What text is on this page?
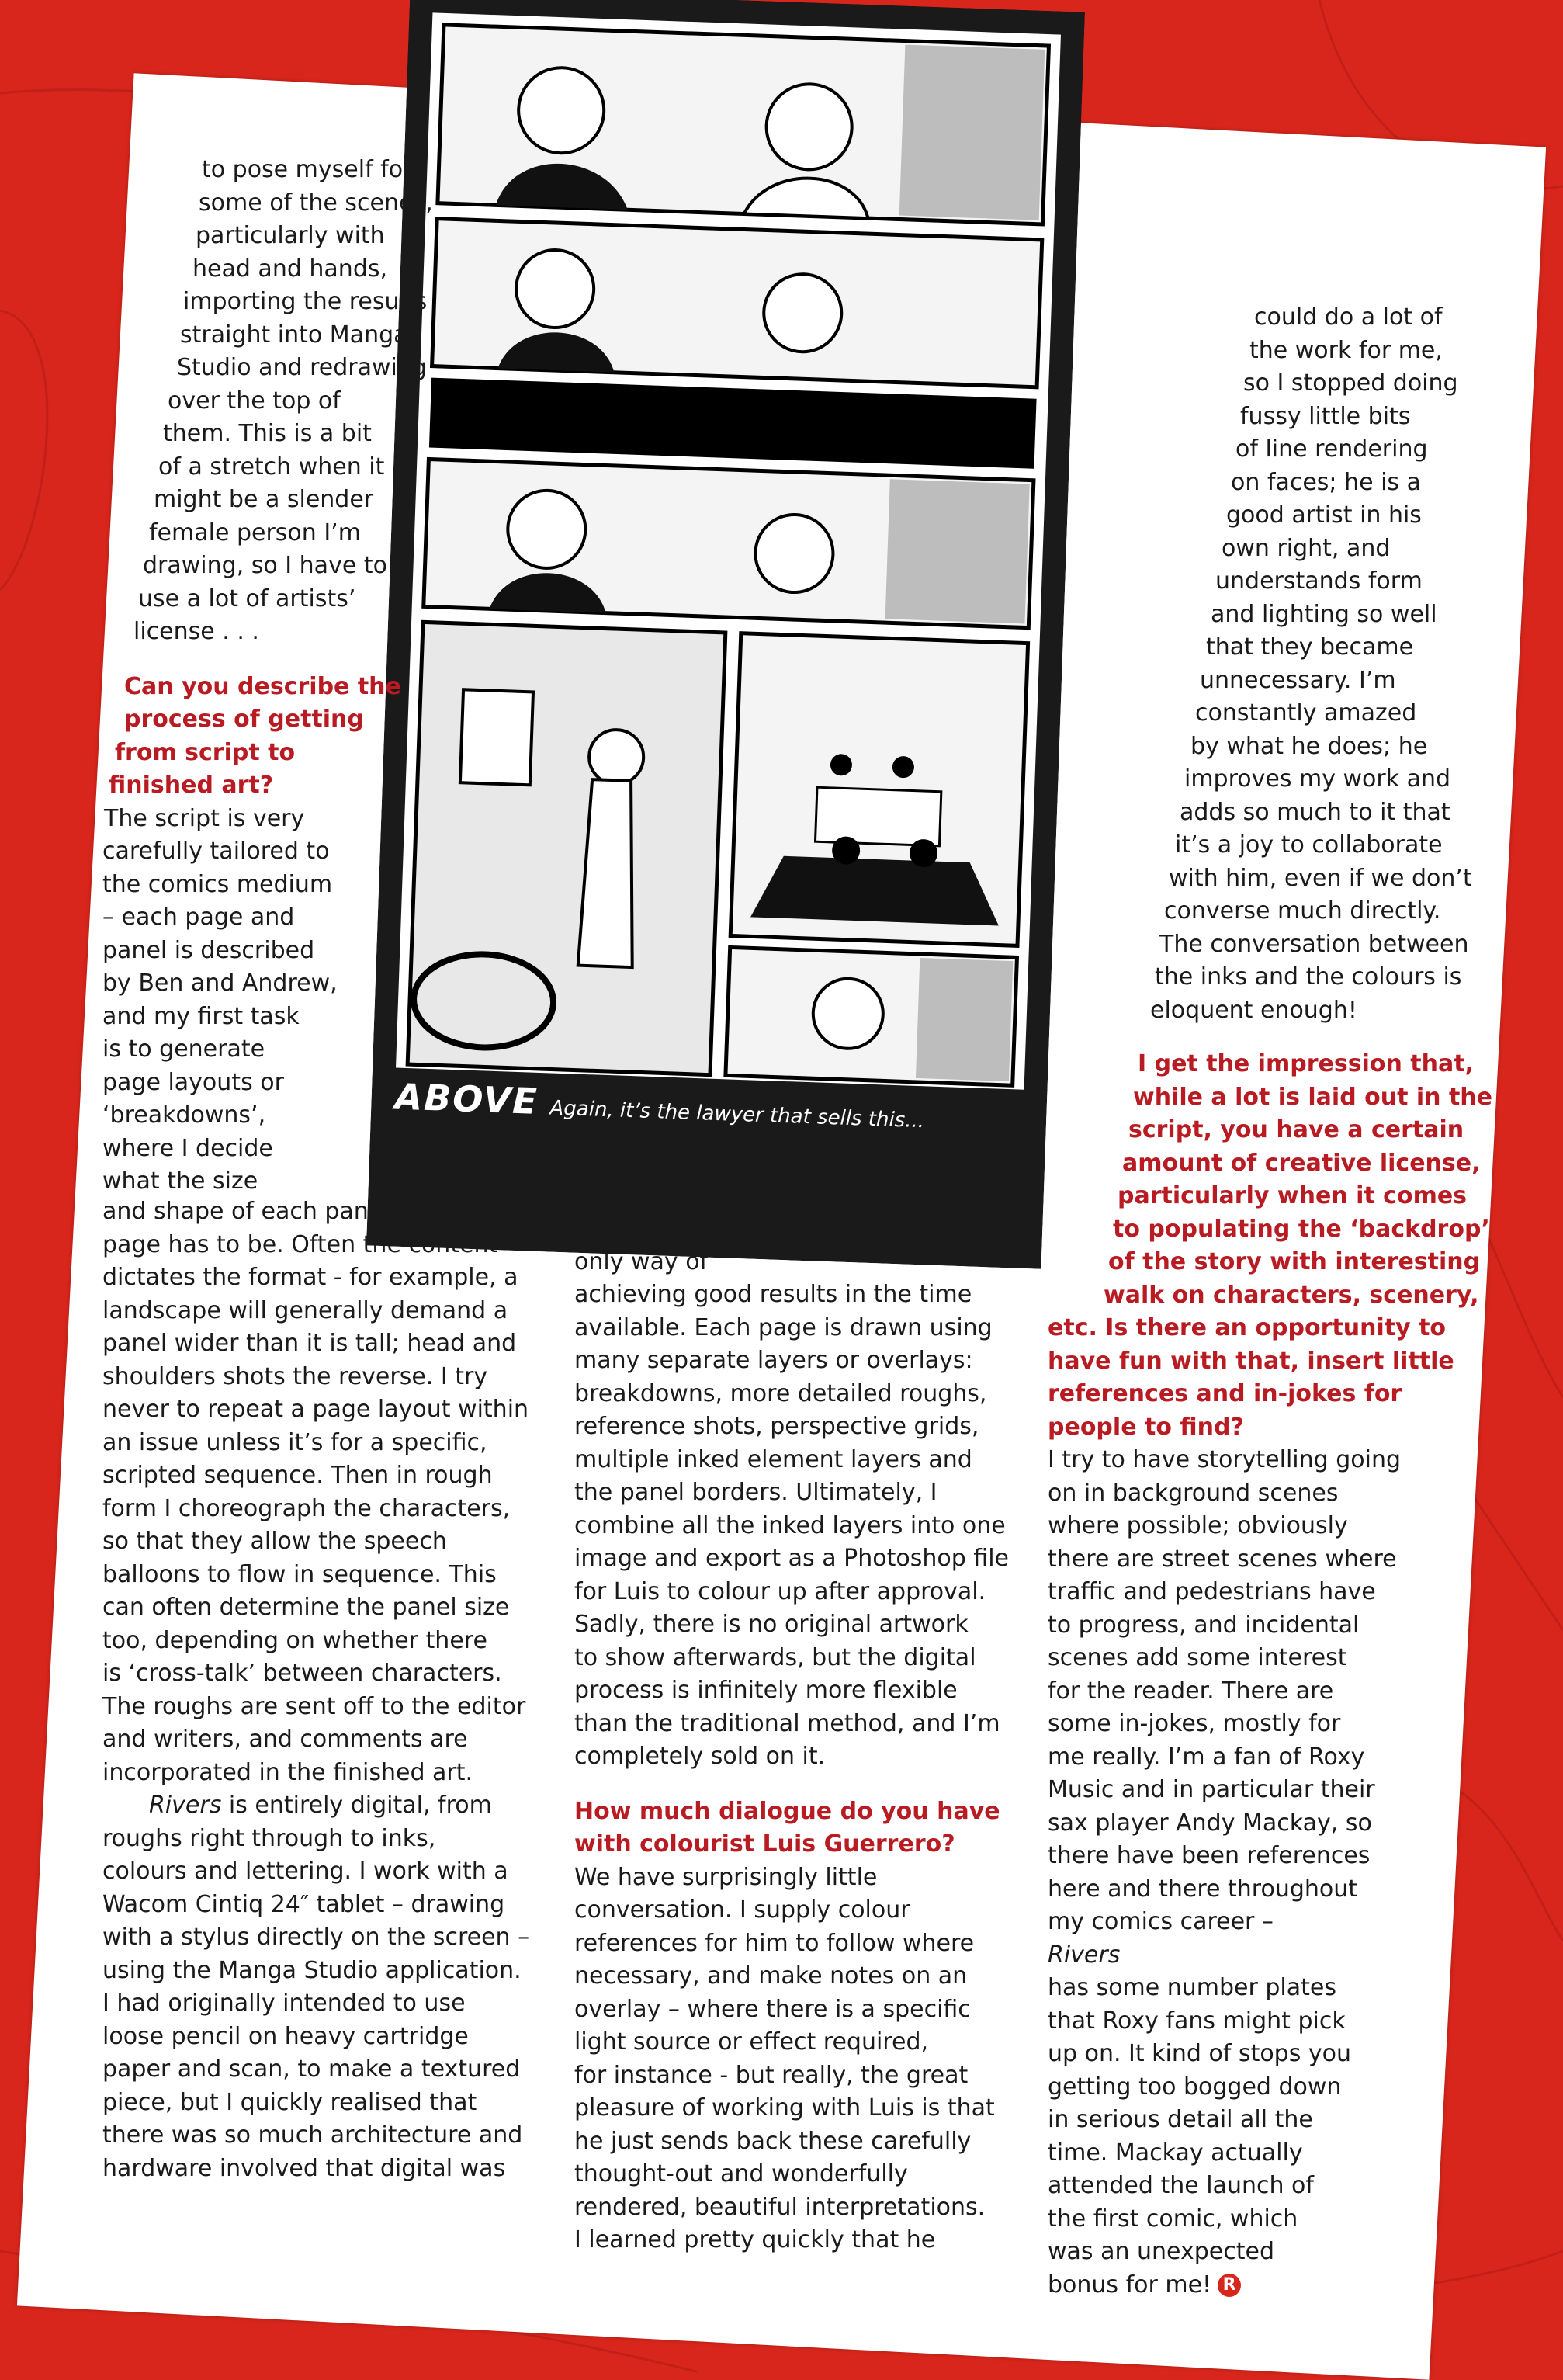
ABOVE Again, it’s the lawyer that sells this...

to pose myself for

some of the scenes,

particularly with

head and hands,

importing the results

straight into Manga

Studio and redrawing

over the top of

them. This is a bit

of a stretch when it

might be a slender

female person I’m

drawing, so I have to

use a lot of artists’

license . . .

Can you describe the

process of getting

from script to

finished art?

The script is very

carefully tailored to

the comics medium

– each page and

panel is described

by Ben and Andrew,

and my first task

is to generate

page layouts or

‘breakdowns’,

where I decide

what the size

and shape of each panel and

page has to be. Often the content

dictates the format - for example, a

landscape will generally demand a

panel wider than it is tall; head and

shoulders shots the reverse. I try

never to repeat a page layout within

an issue unless it’s for a specific,

scripted sequence. Then in rough

form I choreograph the characters,

so that they allow the speech

balloons to flow in sequence. This

can often determine the panel size

too, depending on whether there

is ‘cross-talk’ between characters.

The roughs are sent off to the editor

and writers, and comments are

incorporated in the finished art.

Rivers is entirely digital, from

roughs right through to inks,

colours and lettering. I work with a

Wacom Cintiq 24″ tablet – drawing

with a stylus directly on the screen –

using the Manga Studio application.

I had originally intended to use

loose pencil on heavy cartridge

paper and scan, to make a textured

piece, but I quickly realised that

there was so much architecture and

hardware involved that digital was

the

only way of

achieving good results in the time

available. Each page is drawn using

many separate layers or overlays:

breakdowns, more detailed roughs,

reference shots, perspective grids,

multiple inked element layers and

the panel borders. Ultimately, I

combine all the inked layers into one

image and export as a Photoshop file

for Luis to colour up after approval.

Sadly, there is no original artwork

to show afterwards, but the digital

process is infinitely more flexible

than the traditional method, and I’m

completely sold on it.

How much dialogue do you have

with colourist Luis Guerrero?

We have surprisingly little

conversation. I supply colour

references for him to follow where

necessary, and make notes on an

overlay – where there is a specific

light source or effect required,

for instance - but really, the great

pleasure of working with Luis is that

he just sends back these carefully

thought-out and wonderfully

rendered, beautiful interpretations.

I learned pretty quickly that he

could do a lot of

the work for me,

so I stopped doing

fussy little bits

of line rendering

on faces; he is a

good artist in his

own right, and

understands form

and lighting so well

that they became

unnecessary. I’m

constantly amazed

by what he does; he

improves my work and

adds so much to it that

it’s a joy to collaborate

with him, even if we don’t

converse much directly.

The conversation between

the inks and the colours is

eloquent enough!

I get the impression that,

while a lot is laid out in the

script, you have a certain

amount of creative license,

particularly when it comes

to populating the ‘backdrop’

of the story with interesting

walk on characters, scenery,

etc. Is there an opportunity to

have fun with that, insert little

references and in-jokes for

people to find?

I try to have storytelling going

on in background scenes

where possible; obviously

there are street scenes where

traffic and pedestrians have

to progress, and incidental

scenes add some interest

for the reader. There are

some in-jokes, mostly for

me really. I’m a fan of Roxy

Music and in particular their

sax player Andy Mackay, so

there have been references

here and there throughout

my comics career –

Rivers

has some number plates

that Roxy fans might pick

up on. It kind of stops you

getting too bogged down

in serious detail all the

time. Mackay actually

attended the launch of

the first comic, which

was an unexpected

bonus for me! R
